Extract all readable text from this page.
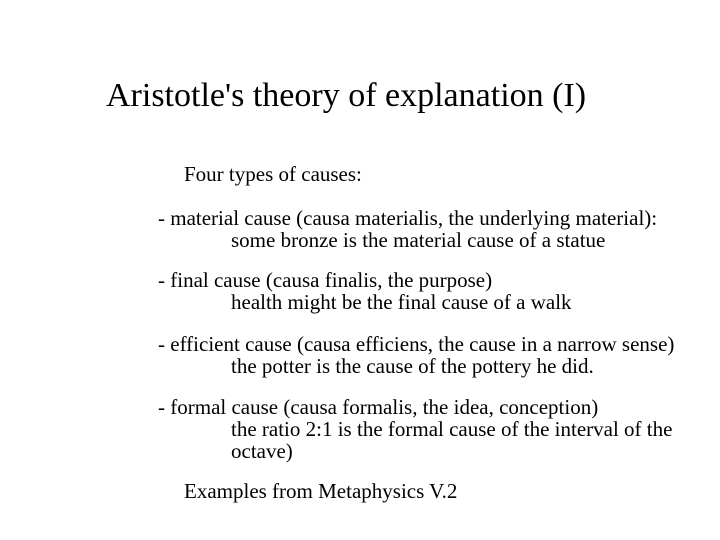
Aristotle's theory of explanation (I)
Four types of causes:
- material cause (causa materialis, the underlying material):
some bronze is the material cause of a statue
- final cause (causa finalis, the purpose)
health might be the final cause of a walk
- efficient cause (causa efficiens, the cause in a narrow sense)
the potter is the cause of the pottery he did.
- formal cause (causa formalis, the idea, conception)
the ratio 2:1 is the formal cause of the interval of the
octave)
Examples from Metaphysics V.2
